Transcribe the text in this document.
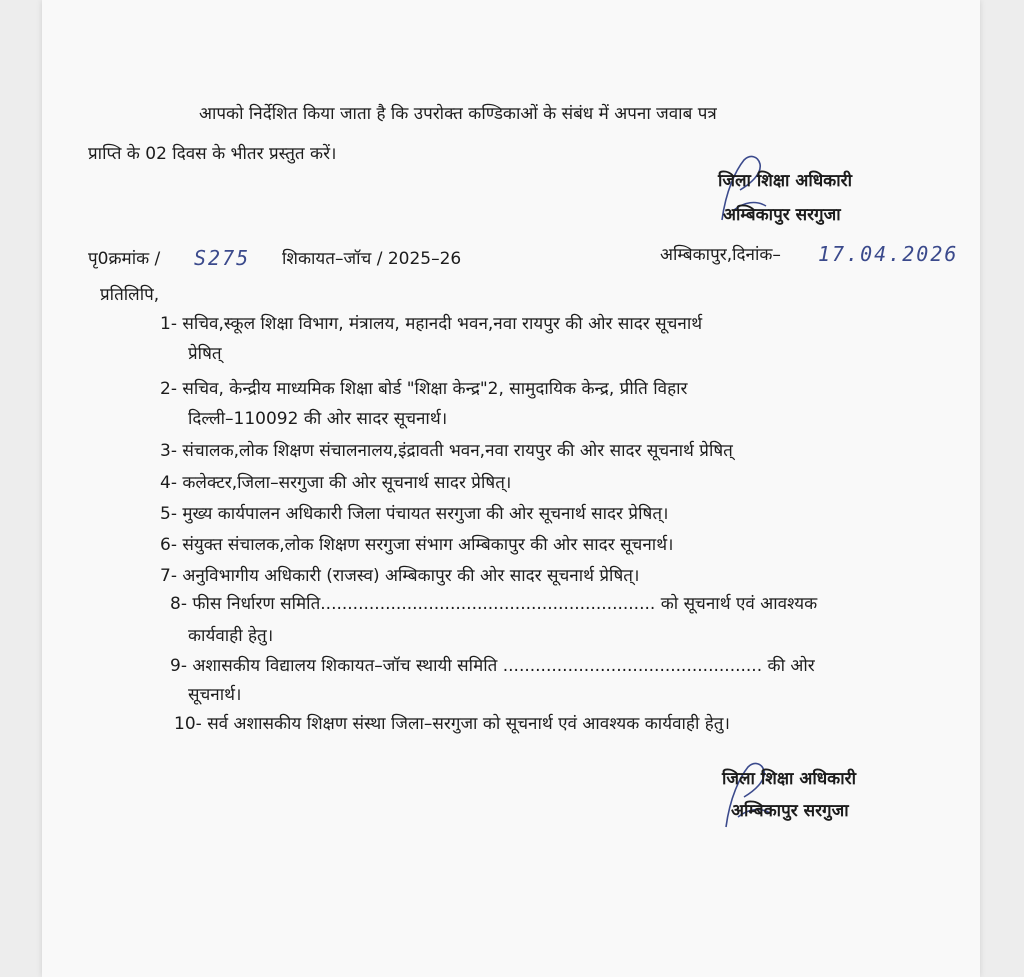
आपको निर्देशित किया जाता है कि उपरोक्त कण्डिकाओं के संबंध में अपना जवाब पत्र
प्राप्ति के 02 दिवस के भीतर प्रस्तुत करें।
जिला शिक्षा अधिकारी
अम्बिकापुर सरगुजा
पृ0क्रमांक / S275 शिकायत–जॉच / 2025–26	अम्बिकापुर,दिनांक– 17.04.2026
प्रतिलिपि,
1- सचिव,स्कूल शिक्षा विभाग, मंत्रालय, महानदी भवन,नवा रायपुर की ओर सादर सूचनार्थ
प्रेषित्
2- सचिव, केन्द्रीय माध्यमिक शिक्षा बोर्ड "शिक्षा केन्द्र"2, सामुदायिक केन्द्र, प्रीति विहार
दिल्ली–110092 की ओर सादर सूचनार्थ।
3- संचालक,लोक शिक्षण संचालनालय,इंद्रावती भवन,नवा रायपुर की ओर सादर सूचनार्थ प्रेषित्
4- कलेक्टर,जिला–सरगुजा की ओर सूचनार्थ सादर प्रेषित्।
5- मुख्य कार्यपालन अधिकारी जिला पंचायत सरगुजा की ओर सूचनार्थ सादर प्रेषित्।
6- संयुक्त संचालक,लोक शिक्षण सरगुजा संभाग अम्बिकापुर की ओर सादर सूचनार्थ।
7- अनुविभागीय अधिकारी (राजस्व) अम्बिकापुर की ओर सादर सूचनार्थ प्रेषित्।
8- फीस निर्धारण समिति.............................................................. को सूचनार्थ एवं आवश्यक
कार्यवाही हेतु।
9- अशासकीय विद्यालय शिकायत–जॉच स्थायी समिति ................................................ की ओर
सूचनार्थ।
10- सर्व अशासकीय शिक्षण संस्था जिला–सरगुजा को सूचनार्थ एवं आवश्यक कार्यवाही हेतु।
जिला शिक्षा अधिकारी
अम्बिकापुर सरगुजा
